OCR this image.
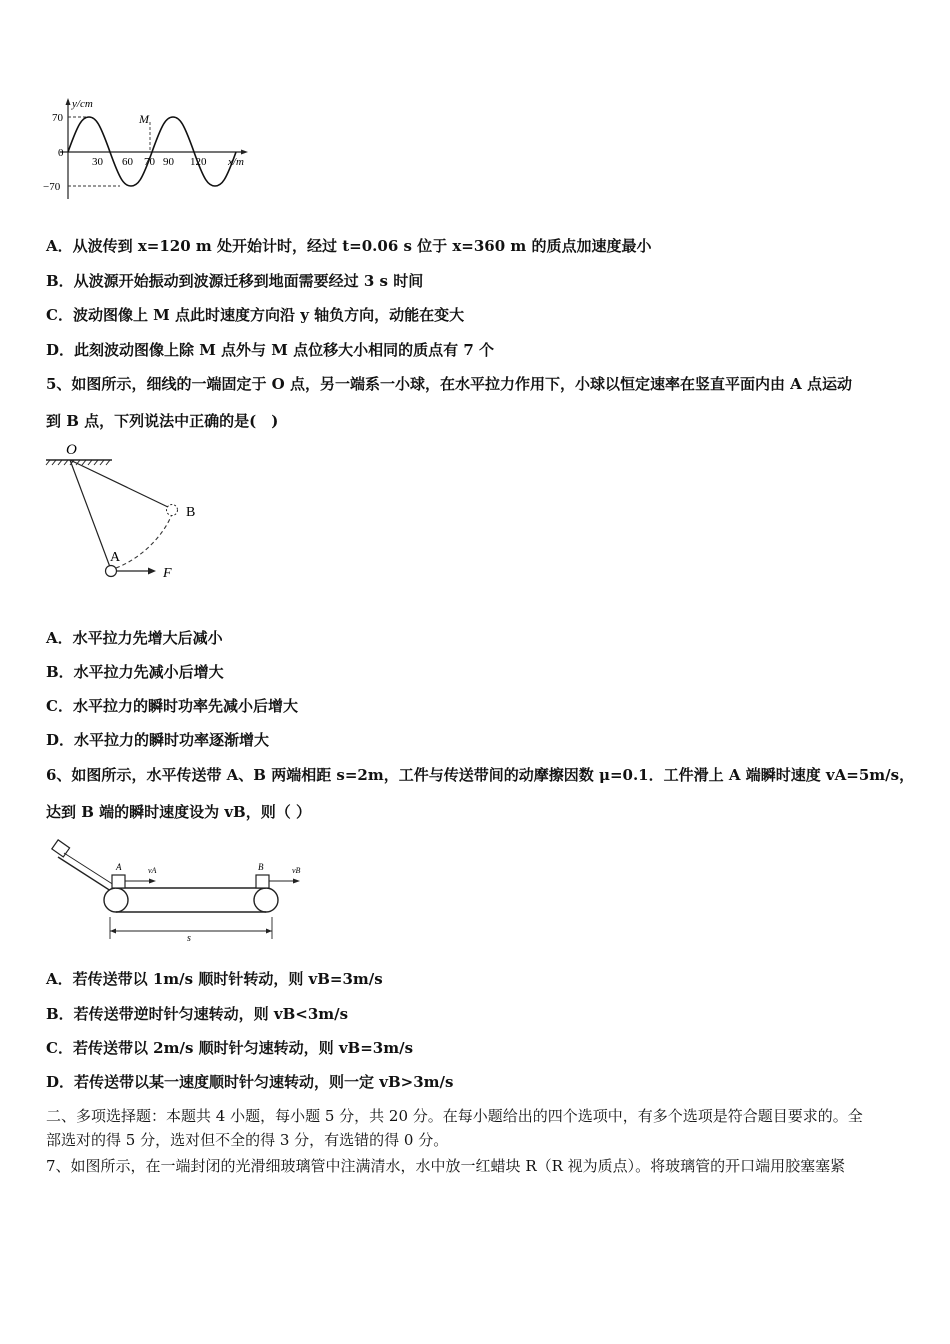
y/cm
x/m
70
0
−70
30 60 70 90 120
M
A．从波传到 x=120 m 处开始计时，经过 t=0.06 s 位于 x=360 m 的质点加速度最小
B．从波源开始振动到波源迁移到地面需要经过 3 s 时间
C．波动图像上 M 点此时速度方向沿 y 轴负方向，动能在变大
D．此刻波动图像上除 M 点外与 M 点位移大小相同的质点有 7 个
5、如图所示，细线的一端固定于 O 点，另一端系一小球，在水平拉力作用下，小球以恒定速率在竖直平面内由 A 点运动
到 B 点，下列说法中正确的是(　)
O
A
B
F
A．水平拉力先增大后减小
B．水平拉力先减小后增大
C．水平拉力的瞬时功率先减小后增大
D．水平拉力的瞬时功率逐渐增大
6、如图所示，水平传送带 A、B 两端相距 s=2m，工件与传送带间的动摩擦因数 μ=0.1．工件滑上 A 端瞬时速度 vA=5m/s，
达到 B 端的瞬时速度设为 vB，则（ ）
A	B
vA	vB
s
A．若传送带以 1m/s 顺时针转动，则 vB=3m/s
B．若传送带逆时针匀速转动，则 vB<3m/s
C．若传送带以 2m/s 顺时针匀速转动，则 vB=3m/s
D．若传送带以某一速度顺时针匀速转动，则一定 vB>3m/s
二、多项选择题：本题共 4 小题，每小题 5 分，共 20 分。在每小题给出的四个选项中，有多个选项是符合题目要求的。全
部选对的得 5 分，选对但不全的得 3 分，有选错的得 0 分。
7、如图所示，在一端封闭的光滑细玻璃管中注满清水，水中放一红蜡块 R（R 视为质点）。将玻璃管的开口端用胶塞塞紧
